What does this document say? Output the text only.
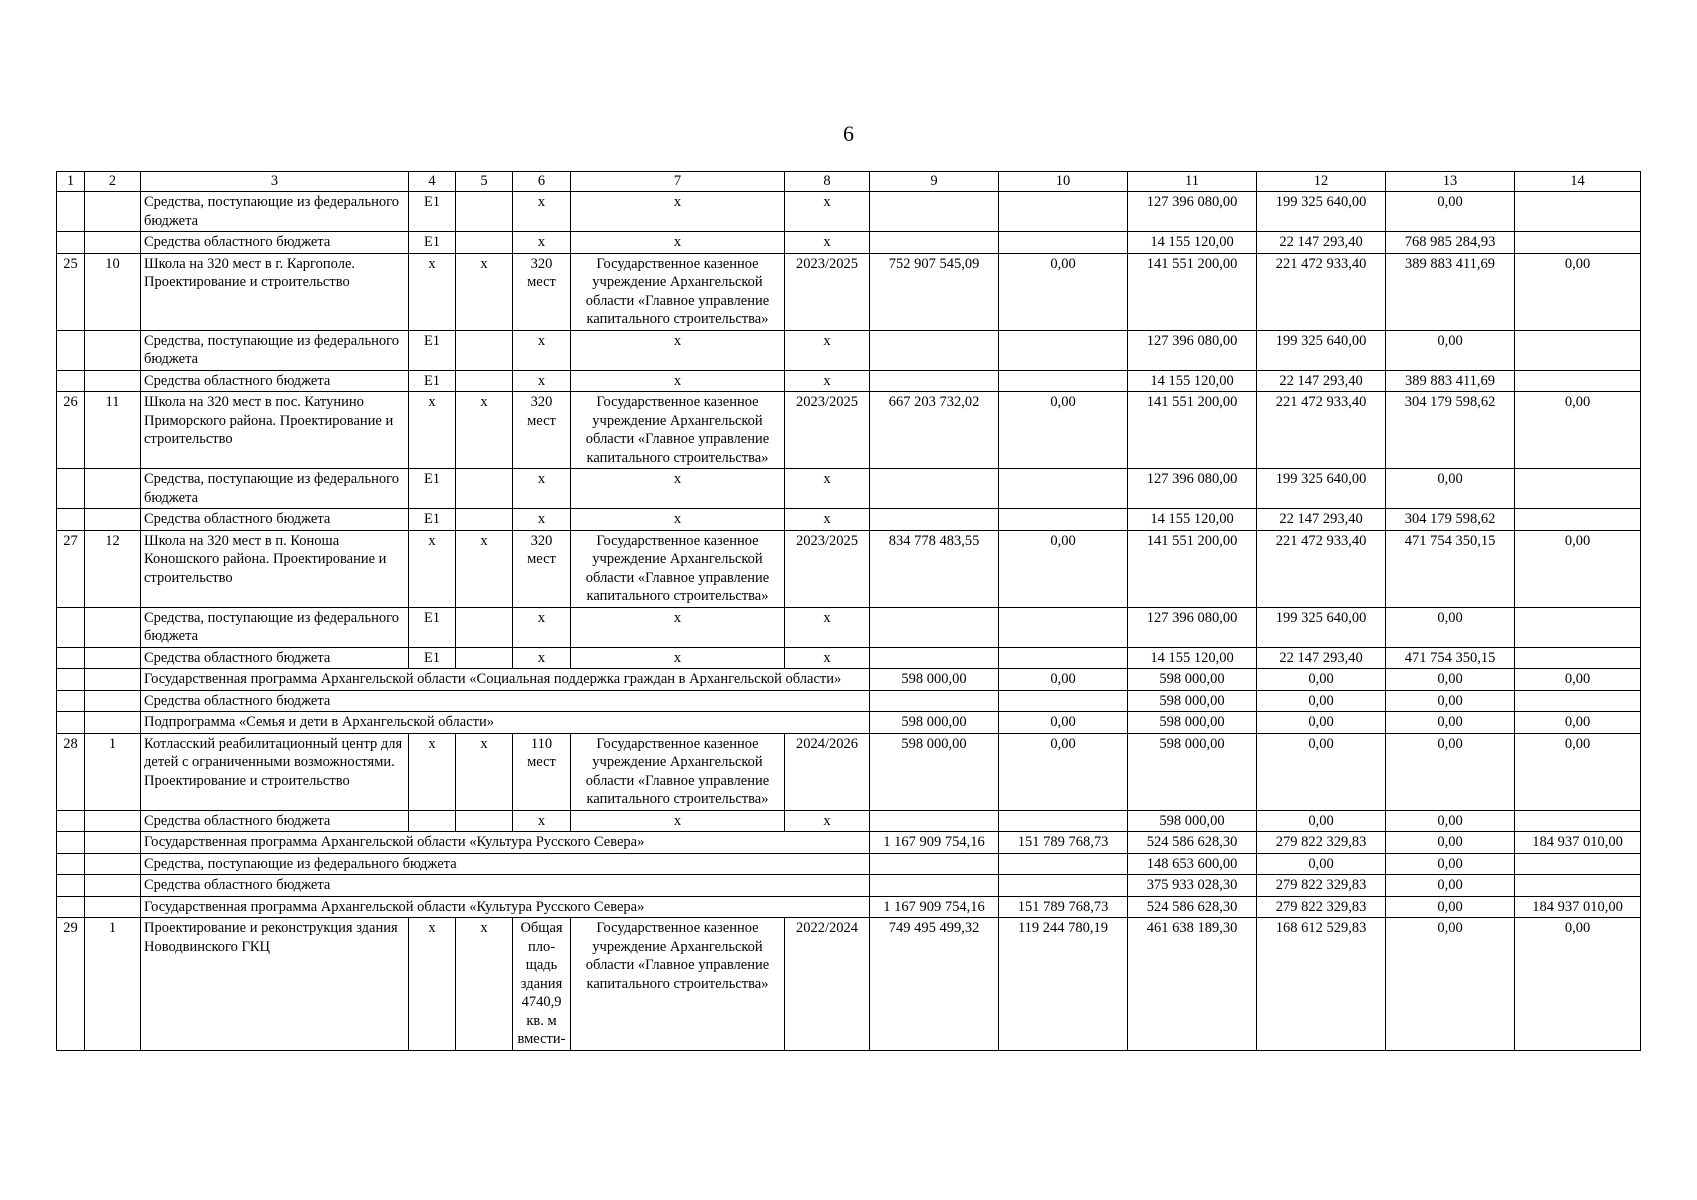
6
1	2	3	4	5	6	7	8	9	10	11	12	13	14
		Средства, поступающие из федерального бюджета	Е1		х	х	х			127 396 080,00	199 325 640,00	0,00	
		Средства областного бюджета	Е1		х	х	х			14 155 120,00	22 147 293,40	768 985 284,93	
25	10	Школа на 320 мест в г. Каргополе. Проектирование и строительство	х	х	320 мест	Государственное казенное учреждение Архангельской области «Главное управление капитального строительства»	2023/2025	752 907 545,09	0,00	141 551 200,00	221 472 933,40	389 883 411,69	0,00
		Средства, поступающие из федерального бюджета	Е1		х	х	х			127 396 080,00	199 325 640,00	0,00	
		Средства областного бюджета	Е1		х	х	х			14 155 120,00	22 147 293,40	389 883 411,69	
26	11	Школа на 320 мест в пос. Катунино Приморского района. Проектирование и строительство	х	х	320 мест	Государственное казенное учреждение Архангельской области «Главное управление капитального строительства»	2023/2025	667 203 732,02	0,00	141 551 200,00	221 472 933,40	304 179 598,62	0,00
		Средства, поступающие из федерального бюджета	Е1		х	х	х			127 396 080,00	199 325 640,00	0,00	
		Средства областного бюджета	Е1		х	х	х			14 155 120,00	22 147 293,40	304 179 598,62	
27	12	Школа на 320 мест в п. Коноша Коношского района. Проектирование и строительство	х	х	320 мест	Государственное казенное учреждение Архангельской области «Главное управление капитального строительства»	2023/2025	834 778 483,55	0,00	141 551 200,00	221 472 933,40	471 754 350,15	0,00
		Средства, поступающие из федерального бюджета	Е1		х	х	х			127 396 080,00	199 325 640,00	0,00	
		Средства областного бюджета	Е1		х	х	х			14 155 120,00	22 147 293,40	471 754 350,15	
		Государственная программа Архангельской области «Социальная поддержка граждан в Архангельской области»						598 000,00	0,00	598 000,00	0,00	0,00	0,00
		Средства областного бюджета								598 000,00	0,00	0,00	
		Подпрограмма «Семья и дети в Архангельской области»						598 000,00	0,00	598 000,00	0,00	0,00	0,00
28	1	Котласский реабилитационный центр для детей с ограниченными возможностями. Проектирование и строительство	х	х	110 мест	Государственное казенное учреждение Архангельской области «Главное управление капитального строительства»	2024/2026	598 000,00	0,00	598 000,00	0,00	0,00	0,00
		Средства областного бюджета			х	х	х			598 000,00	0,00	0,00	
		Государственная программа Архангельской области «Культура Русского Севера»						1 167 909 754,16	151 789 768,73	524 586 628,30	279 822 329,83	0,00	184 937 010,00
		Средства, поступающие из федерального бюджета								148 653 600,00	0,00	0,00	
		Средства областного бюджета								375 933 028,30	279 822 329,83	0,00	
		Государственная программа Архангельской области «Культура Русского Севера»						1 167 909 754,16	151 789 768,73	524 586 628,30	279 822 329,83	0,00	184 937 010,00
29	1	Проектирование и реконструкция здания Новодвинского ГКЦ	х	х	Общая пло- щадь здания 4740,9 кв. м вмести-	Государственное казенное учреждение Архангельской области «Главное управление капитального строительства»	2022/2024	749 495 499,32	119 244 780,19	461 638 189,30	168 612 529,83	0,00	0,00
